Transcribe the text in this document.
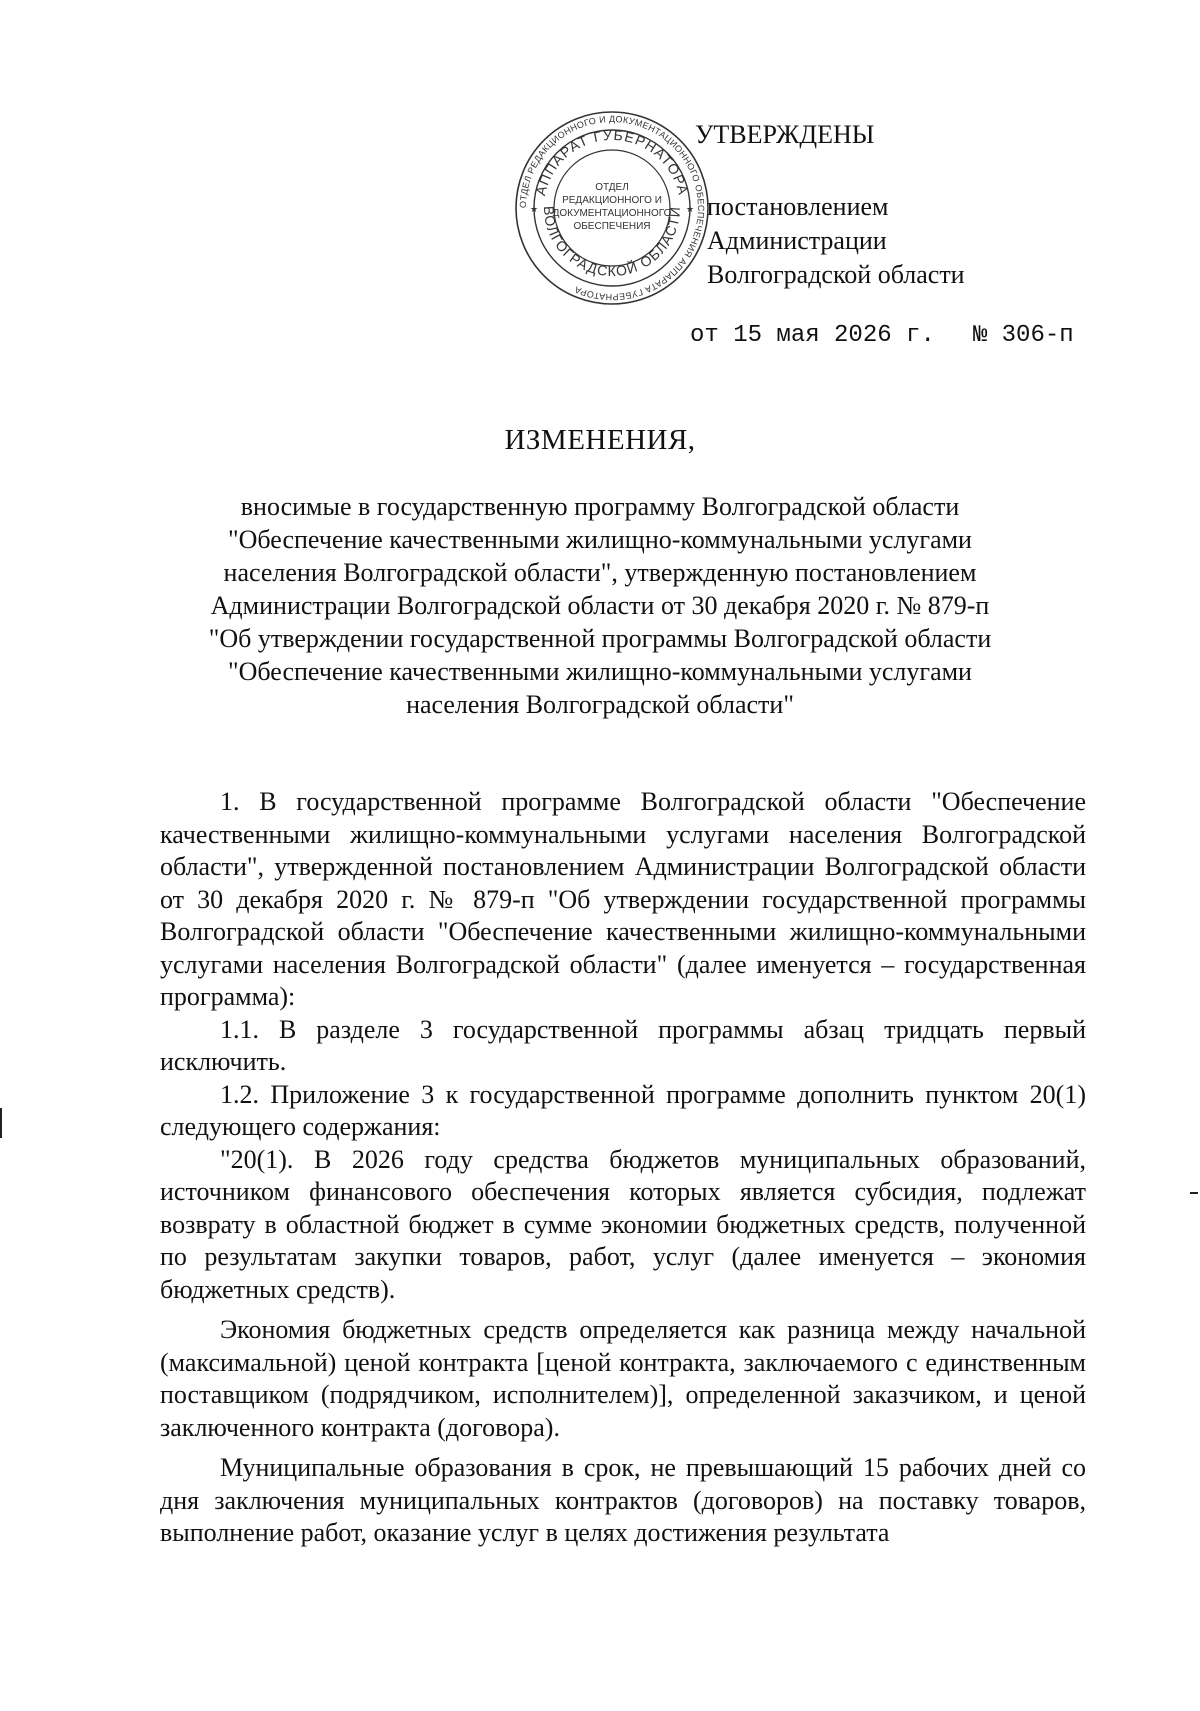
ОТДЕЛ РЕДАКЦИОННОГО И ДОКУМЕНТАЦИОННОГО ОБЕСПЕЧЕНИЯ АППАРАТА ГУБЕРНАТОРА
АППАРАТ ГУБЕРНАТОРА
ВОЛГОГРАДСКОЙ ОБЛАСТИ
ОТДЕЛ
РЕДАКЦИОННОГО И
ДОКУМЕНТАЦИОННОГО
ОБЕСПЕЧЕНИЯ
★	★
УТВЕРЖДЕНЫ
постановлением
Администрации
Волгоградской области
от 15 мая 2026 г. № 306-п
ИЗМЕНЕНИЯ,
вносимые в государственную программу Волгоградской области
"Обеспечение качественными жилищно-коммунальными услугами
населения Волгоградской области", утвержденную постановлением
Администрации Волгоградской области от 30 декабря 2020 г. № 879-п
"Об утверждении государственной программы Волгоградской области
"Обеспечение качественными жилищно-коммунальными услугами
населения Волгоградской области"

1. В государственной программе Волгоградской области "Обеспечение качественными жилищно-коммунальными услугами населения Волгоградской области", утвержденной постановлением Администрации Волгоградской области от 30 декабря 2020 г. № 879-п "Об утверждении государственной программы Волгоградской области "Обеспечение качественными жилищно-коммунальными услугами населения Волгоградской области" (далее именуется – государственная программа):

1.1. В разделе 3 государственной программы абзац тридцать первый исключить.

1.2. Приложение 3 к государственной программе дополнить пунктом 20(1) следующего содержания:

"20(1). В 2026 году средства бюджетов муниципальных образований, источником финансового обеспечения которых является субсидия, подлежат возврату в областной бюджет в сумме экономии бюджетных средств, полученной по результатам закупки товаров, работ, услуг (далее именуется – экономия бюджетных средств).

Экономия бюджетных средств определяется как разница между начальной (максимальной) ценой контракта [ценой контракта, заключаемого с единственным поставщиком (подрядчиком, исполнителем)], определенной заказчиком, и ценой заключенного контракта (договора).

Муниципальные образования в срок, не превышающий 15 рабочих дней со дня заключения муниципальных контрактов (договоров) на поставку товаров, выполнение работ, оказание услуг в целях достижения результата
